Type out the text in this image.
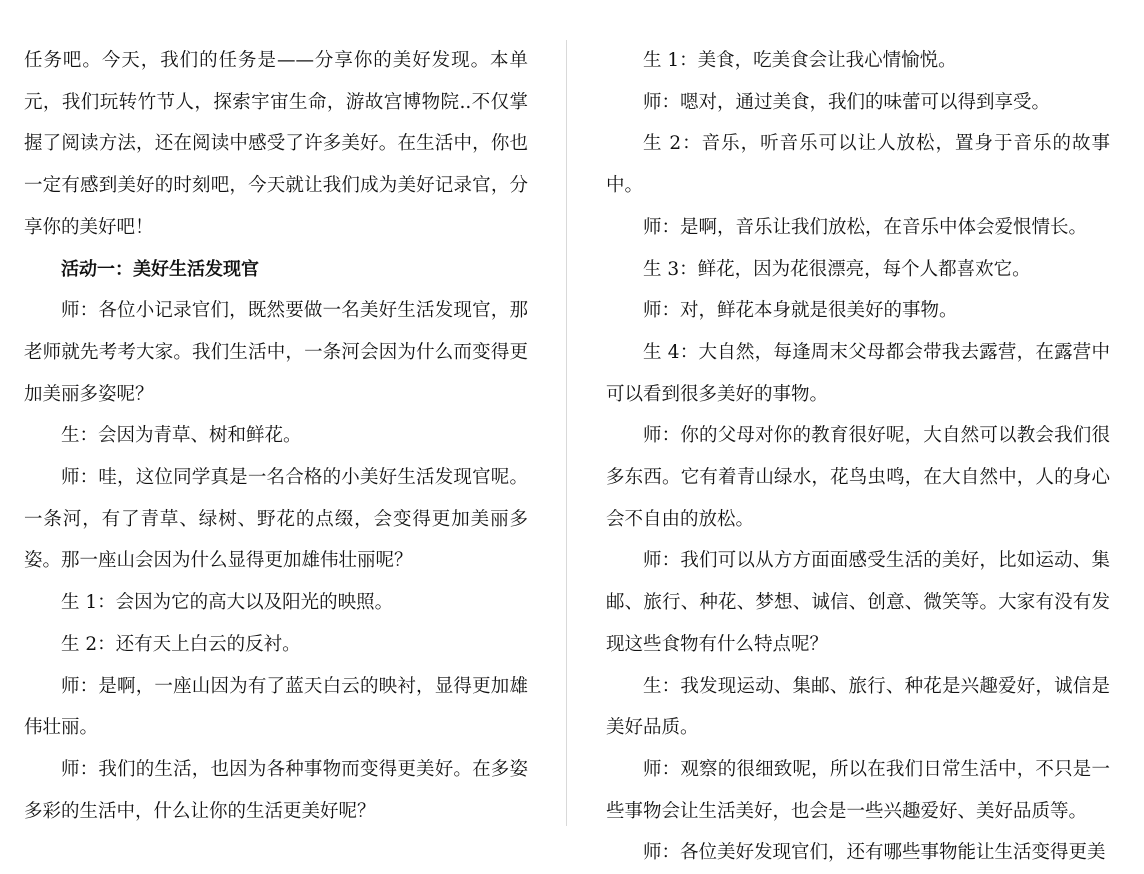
任务吧。今天，我们的任务是——分享你的美好发现。本单元，我们玩转竹节人，探索宇宙生命，游故宫博物院..不仅掌握了阅读方法，还在阅读中感受了许多美好。在生活中，你也一定有感到美好的时刻吧，今天就让我们成为美好记录官，分享你的美好吧！

活动一：美好生活发现官

师：各位小记录官们，既然要做一名美好生活发现官，那老师就先考考大家。我们生活中，一条河会因为什么而变得更加美丽多姿呢？

生：会因为青草、树和鲜花。

师：哇，这位同学真是一名合格的小美好生活发现官呢。一条河，有了青草、绿树、野花的点缀，会变得更加美丽多姿。那一座山会因为什么显得更加雄伟壮丽呢？

生 1：会因为它的高大以及阳光的映照。

生 2：还有天上白云的反衬。

师：是啊，一座山因为有了蓝天白云的映衬，显得更加雄伟壮丽。

师：我们的生活，也因为各种事物而变得更美好。在多姿多彩的生活中，什么让你的生活更美好呢？

生 1：美食，吃美食会让我心情愉悦。

师：嗯对，通过美食，我们的味蕾可以得到享受。

生 2：音乐，听音乐可以让人放松，置身于音乐的故事中。

师：是啊，音乐让我们放松，在音乐中体会爱恨情长。

生 3：鲜花，因为花很漂亮，每个人都喜欢它。

师：对，鲜花本身就是很美好的事物。

生 4：大自然，每逢周末父母都会带我去露营，在露营中可以看到很多美好的事物。

师：你的父母对你的教育很好呢，大自然可以教会我们很多东西。它有着青山绿水，花鸟虫鸣，在大自然中，人的身心会不自由的放松。

师：我们可以从方方面面感受生活的美好，比如运动、集邮、旅行、种花、梦想、诚信、创意、微笑等。大家有没有发现这些食物有什么特点呢？

生：我发现运动、集邮、旅行、种花是兴趣爱好，诚信是美好品质。

师：观察的很细致呢，所以在我们日常生活中，不只是一些事物会让生活美好，也会是一些兴趣爱好、美好品质等。

师：各位美好发现官们，还有哪些事物能让生活变得更美
